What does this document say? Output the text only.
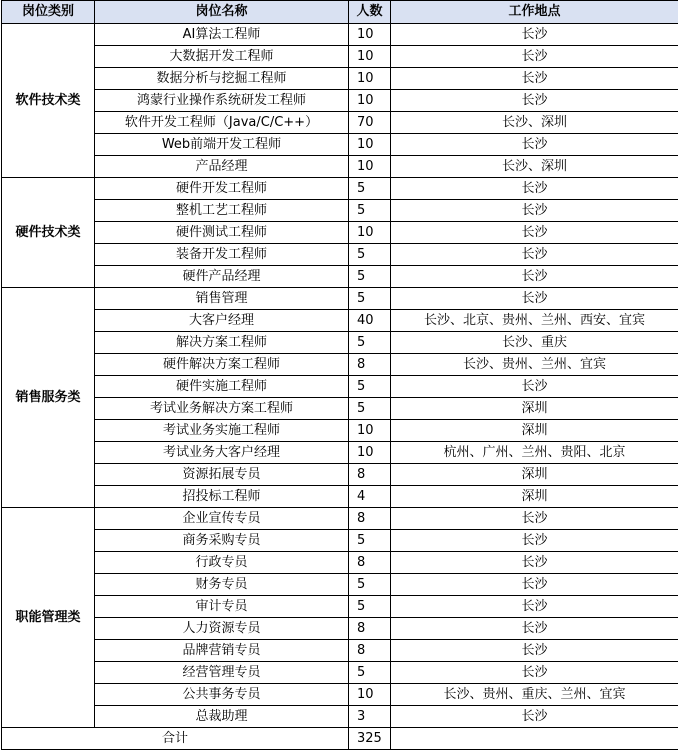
岗位类别	岗位名称	人数	工作地点
软件技术类	AI算法工程师	10	长沙
	大数据开发工程师	10	长沙
	数据分析与挖掘工程师	10	长沙
	鸿蒙行业操作系统研发工程师	10	长沙
	软件开发工程师（Java/C/C++）	70	长沙、深圳
	Web前端开发工程师	10	长沙
	产品经理	10	长沙、深圳
硬件技术类	硬件开发工程师	5	长沙
	整机工艺工程师	5	长沙
	硬件测试工程师	10	长沙
	装备开发工程师	5	长沙
	硬件产品经理	5	长沙
销售服务类	销售管理	5	长沙
	大客户经理	40	长沙、北京、贵州、兰州、西安、宜宾
	解决方案工程师	5	长沙、重庆
	硬件解决方案工程师	8	长沙、贵州、兰州、宜宾
	硬件实施工程师	5	长沙
	考试业务解决方案工程师	5	深圳
	考试业务实施工程师	10	深圳
	考试业务大客户经理	10	杭州、广州、兰州、贵阳、北京
	资源拓展专员	8	深圳
	招投标工程师	4	深圳
职能管理类	企业宣传专员	8	长沙
	商务采购专员	5	长沙
	行政专员	8	长沙
	财务专员	5	长沙
	审计专员	5	长沙
	人力资源专员	8	长沙
	品牌营销专员	8	长沙
	经营管理专员	5	长沙
	公共事务专员	10	长沙、贵州、重庆、兰州、宜宾
	总裁助理	3	长沙
合计		325	
